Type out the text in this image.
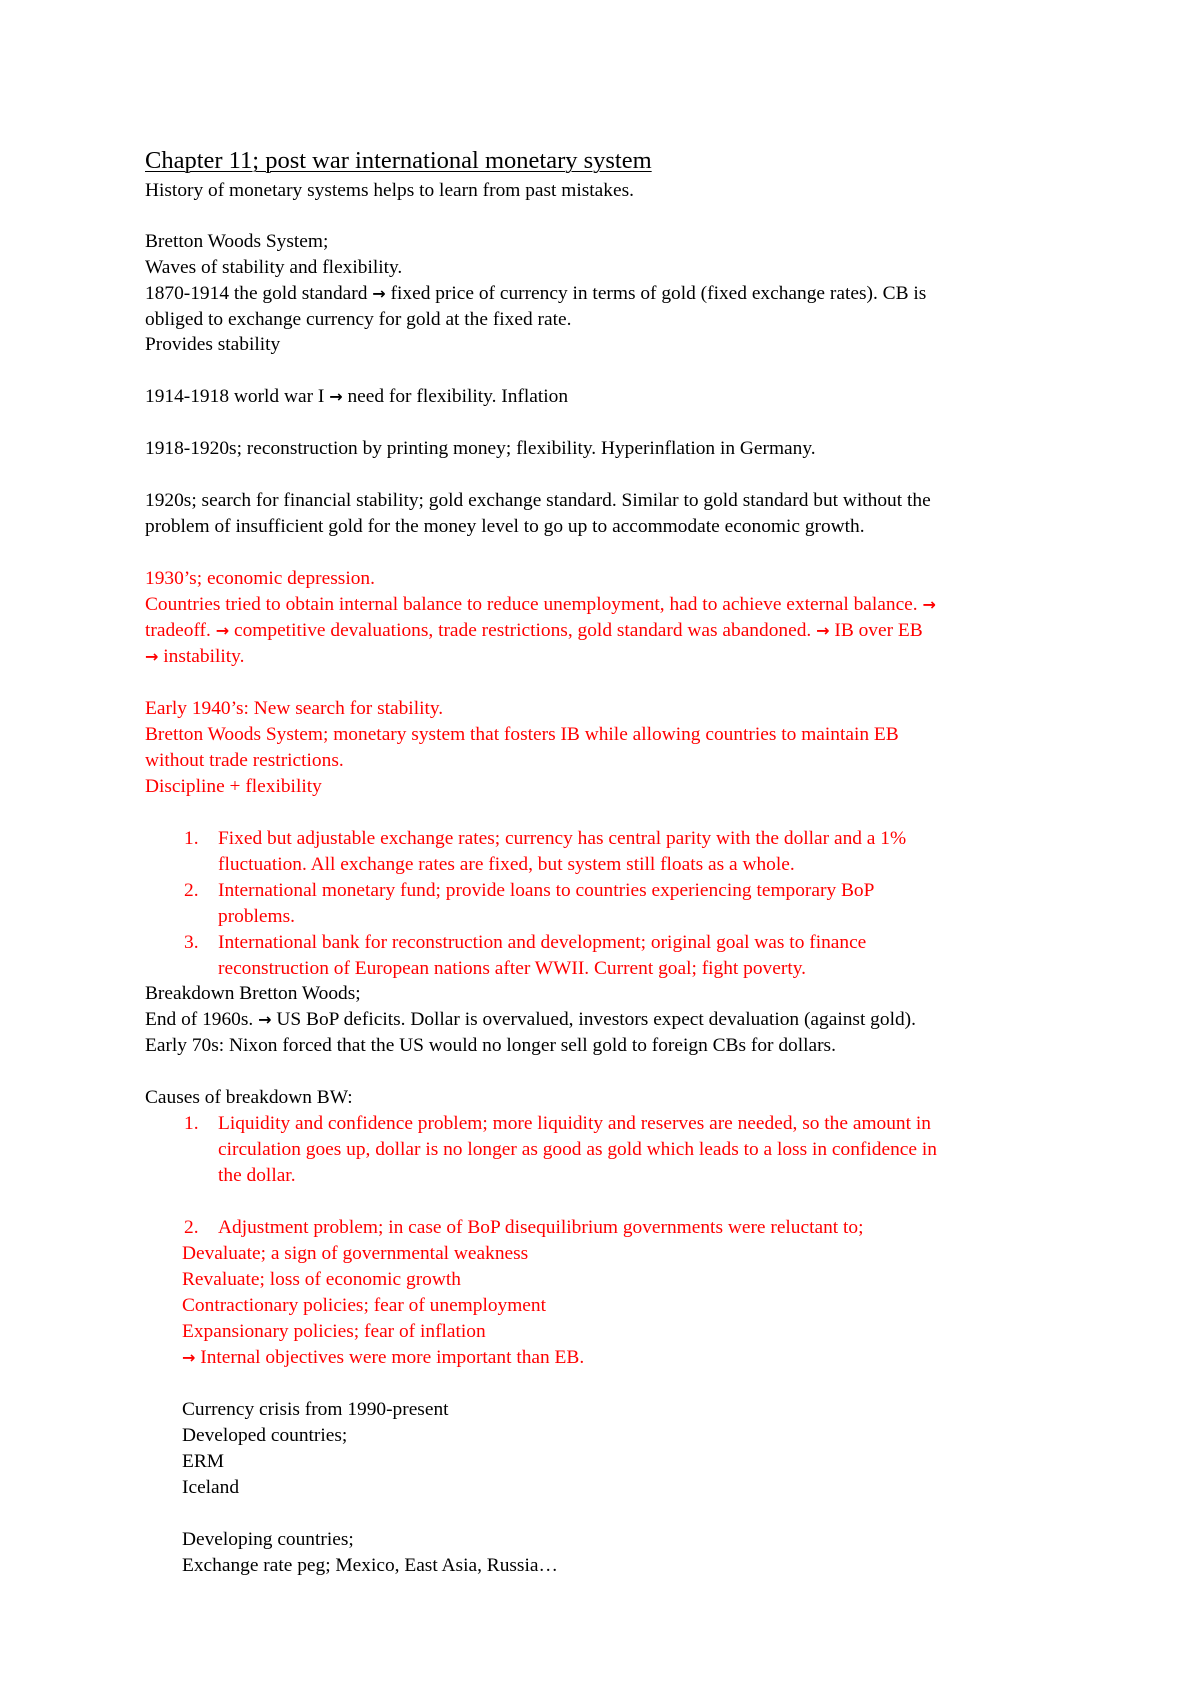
Chapter 11; post war international monetary system
History of monetary systems helps to learn from past mistakes.
Bretton Woods System;
Waves of stability and flexibility.
1870-1914 the gold standard → fixed price of currency in terms of gold (fixed exchange rates). CB is
obliged to exchange currency for gold at the fixed rate.
Provides stability
1914-1918 world war I → need for flexibility. Inflation
1918-1920s; reconstruction by printing money; flexibility. Hyperinflation in Germany.
1920s; search for financial stability; gold exchange standard. Similar to gold standard but without the
problem of insufficient gold for the money level to go up to accommodate economic growth.
1930’s; economic depression.
Countries tried to obtain internal balance to reduce unemployment, had to achieve external balance. →
tradeoff. → competitive devaluations, trade restrictions, gold standard was abandoned. → IB over EB
→ instability.
Early 1940’s: New search for stability.
Bretton Woods System; monetary system that fosters IB while allowing countries to maintain EB
without trade restrictions.
Discipline + flexibility
1. Fixed but adjustable exchange rates; currency has central parity with the dollar and a 1%
fluctuation. All exchange rates are fixed, but system still floats as a whole.
2. International monetary fund; provide loans to countries experiencing temporary BoP
problems.
3. International bank for reconstruction and development; original goal was to finance
reconstruction of European nations after WWII. Current goal; fight poverty.
Breakdown Bretton Woods;
End of 1960s. → US BoP deficits. Dollar is overvalued, investors expect devaluation (against gold).
Early 70s: Nixon forced that the US would no longer sell gold to foreign CBs for dollars.
Causes of breakdown BW:
1. Liquidity and confidence problem; more liquidity and reserves are needed, so the amount in
circulation goes up, dollar is no longer as good as gold which leads to a loss in confidence in
the dollar.
2. Adjustment problem; in case of BoP disequilibrium governments were reluctant to;
Devaluate; a sign of governmental weakness
Revaluate; loss of economic growth
Contractionary policies; fear of unemployment
Expansionary policies; fear of inflation
→ Internal objectives were more important than EB.
Currency crisis from 1990-present
Developed countries;
ERM
Iceland
Developing countries;
Exchange rate peg; Mexico, East Asia, Russia…
